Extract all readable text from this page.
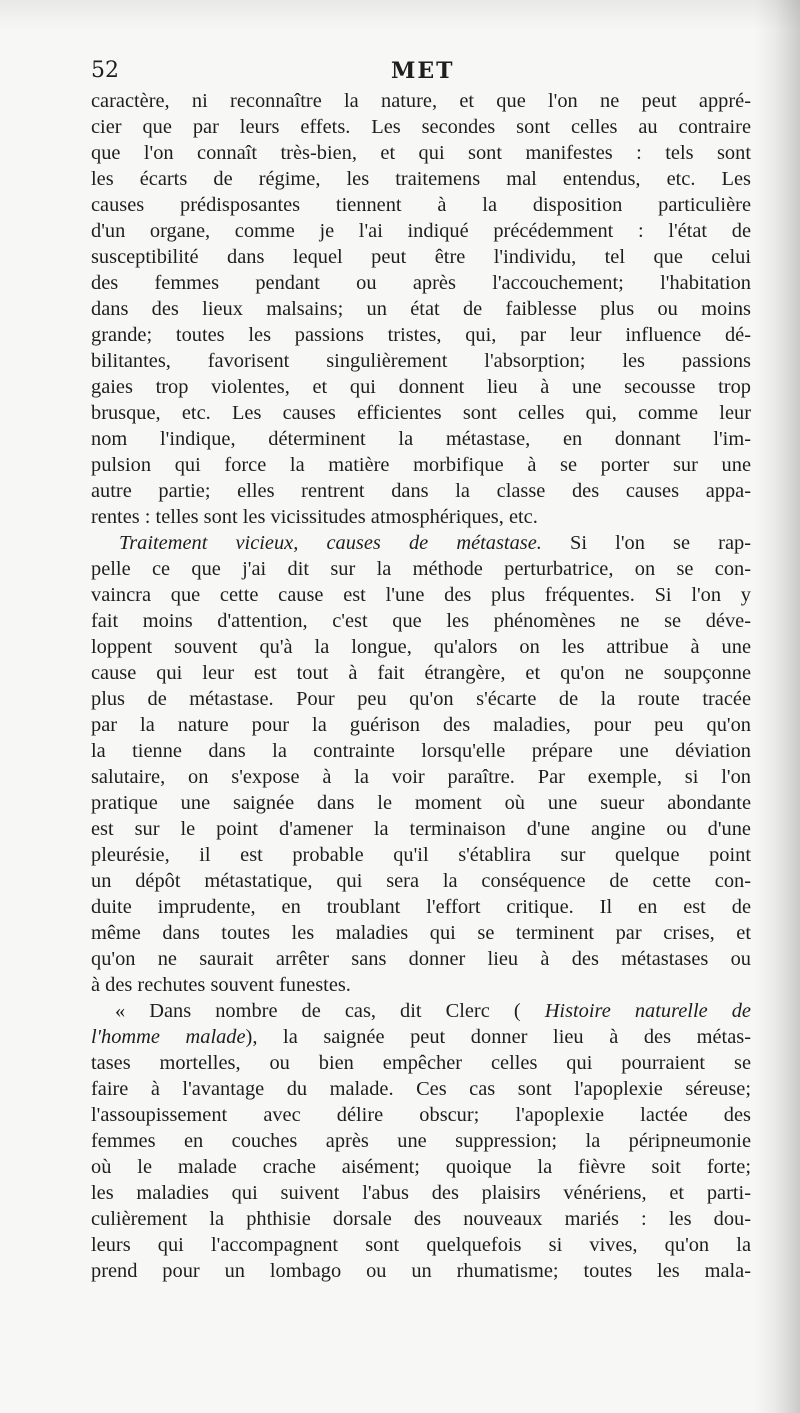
52	MET
caractère, ni reconnaître la nature, et que l'on ne peut appré-
cier que par leurs effets. Les secondes sont celles au contraire
que l'on connaît très-bien, et qui sont manifestes : tels sont
les écarts de régime, les traitemens mal entendus, etc. Les
causes prédisposantes tiennent à la disposition particulière
d'un organe, comme je l'ai indiqué précédemment : l'état de
susceptibilité dans lequel peut être l'individu, tel que celui
des femmes pendant ou après l'accouchement; l'habitation
dans des lieux malsains; un état de faiblesse plus ou moins
grande; toutes les passions tristes, qui, par leur influence dé-
bilitantes, favorisent singulièrement l'absorption; les passions
gaies trop violentes, et qui donnent lieu à une secousse trop
brusque, etc. Les causes efficientes sont celles qui, comme leur
nom l'indique, déterminent la métastase, en donnant l'im-
pulsion qui force la matière morbifique à se porter sur une
autre partie; elles rentrent dans la classe des causes appa-
rentes : telles sont les vicissitudes atmosphériques, etc.
Traitement vicieux, causes de métastase. Si l'on se rap-
pelle ce que j'ai dit sur la méthode perturbatrice, on se con-
vaincra que cette cause est l'une des plus fréquentes. Si l'on y
fait moins d'attention, c'est que les phénomènes ne se déve-
loppent souvent qu'à la longue, qu'alors on les attribue à une
cause qui leur est tout à fait étrangère, et qu'on ne soupçonne
plus de métastase. Pour peu qu'on s'écarte de la route tracée
par la nature pour la guérison des maladies, pour peu qu'on
la tienne dans la contrainte lorsqu'elle prépare une déviation
salutaire, on s'expose à la voir paraître. Par exemple, si l'on
pratique une saignée dans le moment où une sueur abondante
est sur le point d'amener la terminaison d'une angine ou d'une
pleurésie, il est probable qu'il s'établira sur quelque point
un dépôt métastatique, qui sera la conséquence de cette con-
duite imprudente, en troublant l'effort critique. Il en est de
même dans toutes les maladies qui se terminent par crises, et
qu'on ne saurait arrêter sans donner lieu à des métastases ou
à des rechutes souvent funestes.
« Dans nombre de cas, dit Clerc ( Histoire naturelle de
l'homme malade), la saignée peut donner lieu à des métas-
tases mortelles, ou bien empêcher celles qui pourraient se
faire à l'avantage du malade. Ces cas sont l'apoplexie séreuse;
l'assoupissement avec délire obscur; l'apoplexie lactée des
femmes en couches après une suppression; la péripneumonie
où le malade crache aisément; quoique la fièvre soit forte;
les maladies qui suivent l'abus des plaisirs vénériens, et parti-
culièrement la phthisie dorsale des nouveaux mariés : les dou-
leurs qui l'accompagnent sont quelquefois si vives, qu'on la
prend pour un lombago ou un rhumatisme; toutes les mala-
